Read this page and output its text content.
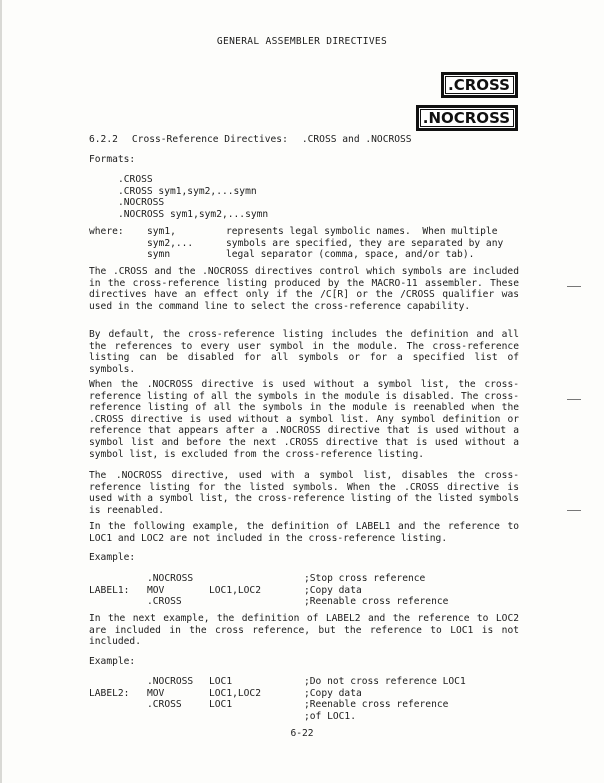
GENERAL ASSEMBLER DIRECTIVES
.CROSS
.NOCROSS
6.2.2 Cross-Reference Directives: .CROSS and .NOCROSS
Formats:
.CROSS
.CROSS sym1,sym2,...symn
.NOCROSS
.NOCROSS sym1,sym2,...symn
where:	sym1,	represents legal symbolic names.  When multiple
sym2,...	symbols are specified, they are separated by any
symn	legal separator (comma, space, and/or tab).
The .CROSS and the .NOCROSS directives control which symbols are included in the cross-reference listing produced by the MACRO-11 assembler. These directives have an effect only if the /C[R] or the /CROSS qualifier was used in the command line to select the cross-reference capability.
By default, the cross-reference listing includes the definition and all the references to every user symbol in the module. The cross-reference listing can be disabled for all symbols or for a specified list of symbols.
When the .NOCROSS directive is used without a symbol list, the cross-reference listing of all the symbols in the module is disabled. The cross-reference listing of all the symbols in the module is reenabled when the .CROSS directive is used without a symbol list. Any symbol definition or reference that appears after a .NOCROSS directive that is used without a symbol list and before the next .CROSS directive that is used without a symbol list, is excluded from the cross-reference listing.
The .NOCROSS directive, used with a symbol list, disables the cross-reference listing for the listed symbols. When the .CROSS directive is used with a symbol list, the cross-reference listing of the listed symbols is reenabled.
In the following example, the definition of LABEL1 and the reference to LOC1 and LOC2 are not included in the cross-reference listing.
Example:
.NOCROSS	;Stop cross reference
LABEL1:	MOV	LOC1,LOC2	;Copy data
.CROSS	;Reenable cross reference
In the next example, the definition of LABEL2 and the reference to LOC2 are included in the cross reference, but the reference to LOC1 is not included.
Example:
.NOCROSS	LOC1	;Do not cross reference LOC1
LABEL2:	MOV	LOC1,LOC2	;Copy data
.CROSS	LOC1	;Reenable cross reference
;of LOC1.
6-22
